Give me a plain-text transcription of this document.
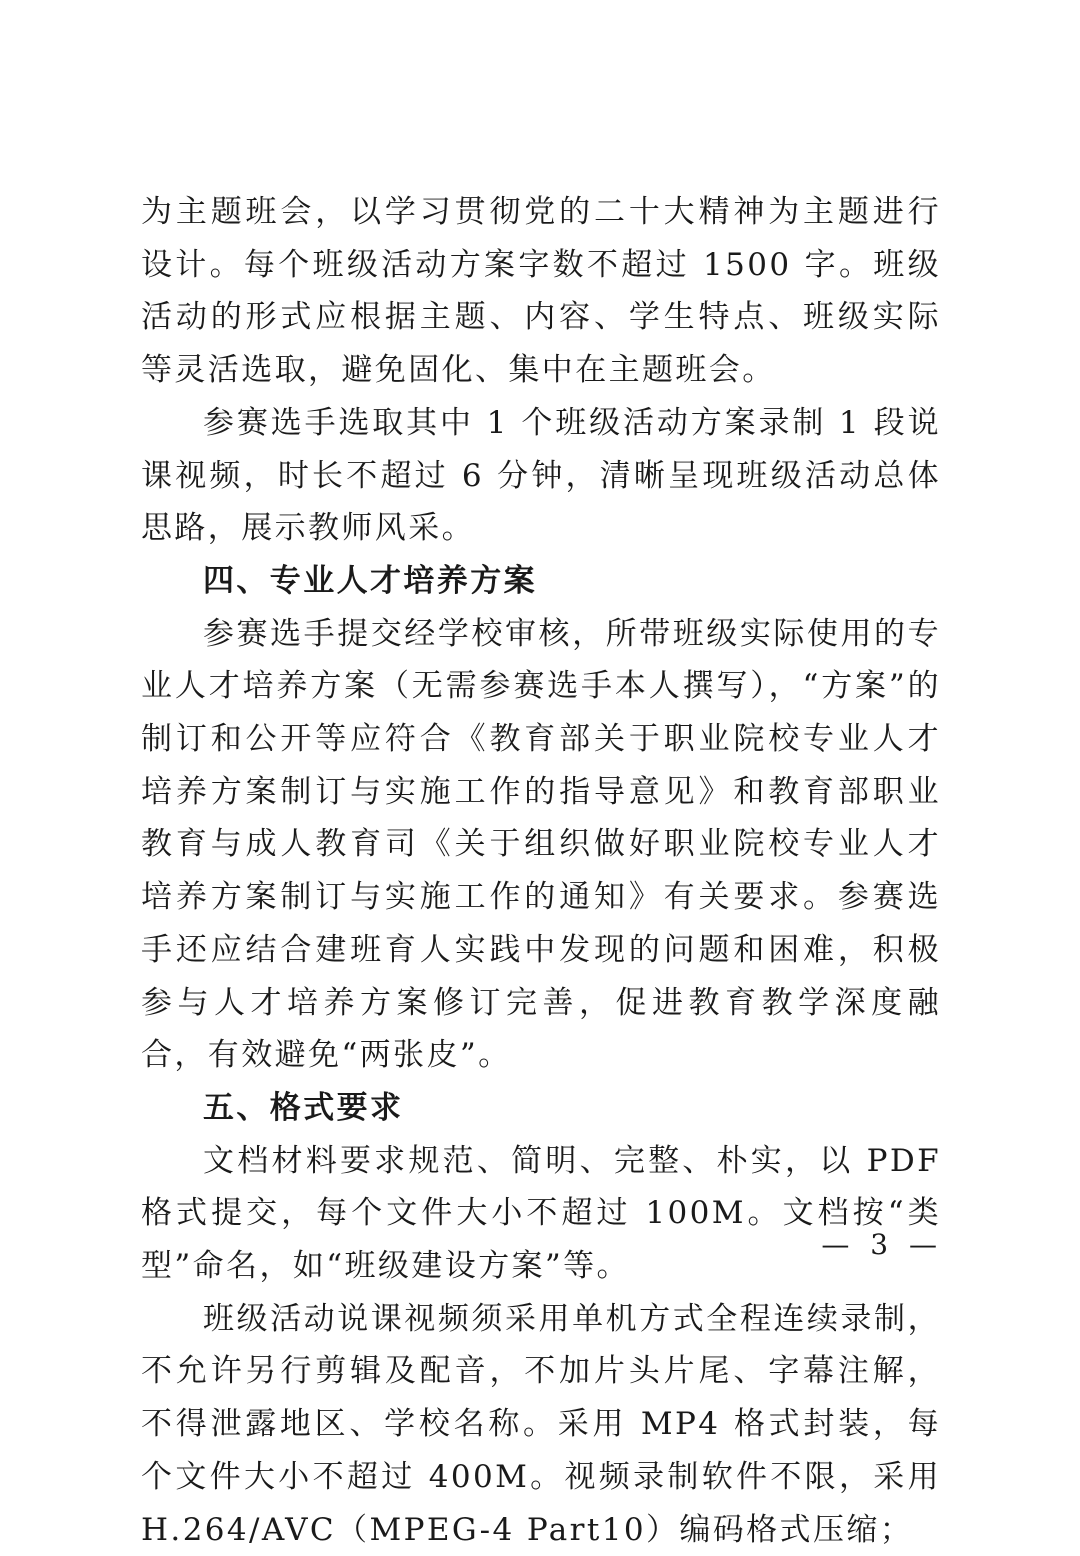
为主题班会，以学习贯彻党的二十大精神为主题进行设计。每个班级活动方案字数不超过 1500 字。班级活动的形式应根据主题、内容、学生特点、班级实际等灵活选取，避免固化、集中在主题班会。

参赛选手选取其中 1 个班级活动方案录制 1 段说课视频，时长不超过 6 分钟，清晰呈现班级活动总体思路，展示教师风采。

四、专业人才培养方案

参赛选手提交经学校审核，所带班级实际使用的专业人才培养方案（无需参赛选手本人撰写），“方案”的制订和公开等应符合《教育部关于职业院校专业人才培养方案制订与实施工作的指导意见》和教育部职业教育与成人教育司《关于组织做好职业院校专业人才培养方案制订与实施工作的通知》有关要求。参赛选手还应结合建班育人实践中发现的问题和困难，积极参与人才培养方案修订完善，促进教育教学深度融合，有效避免“两张皮”。

五、格式要求

文档材料要求规范、简明、完整、朴实，以 PDF 格式提交，每个文件大小不超过 100M。文档按“类型”命名，如“班级建设方案”等。

班级活动说课视频须采用单机方式全程连续录制，不允许另行剪辑及配音，不加片头片尾、字幕注解，不得泄露地区、学校名称。采用 MP4 格式封装，每个文件大小不超过 400M。视频录制软件不限，采用 H.264/AVC（MPEG-4 Part10）编码格式压缩；

— 3 —
